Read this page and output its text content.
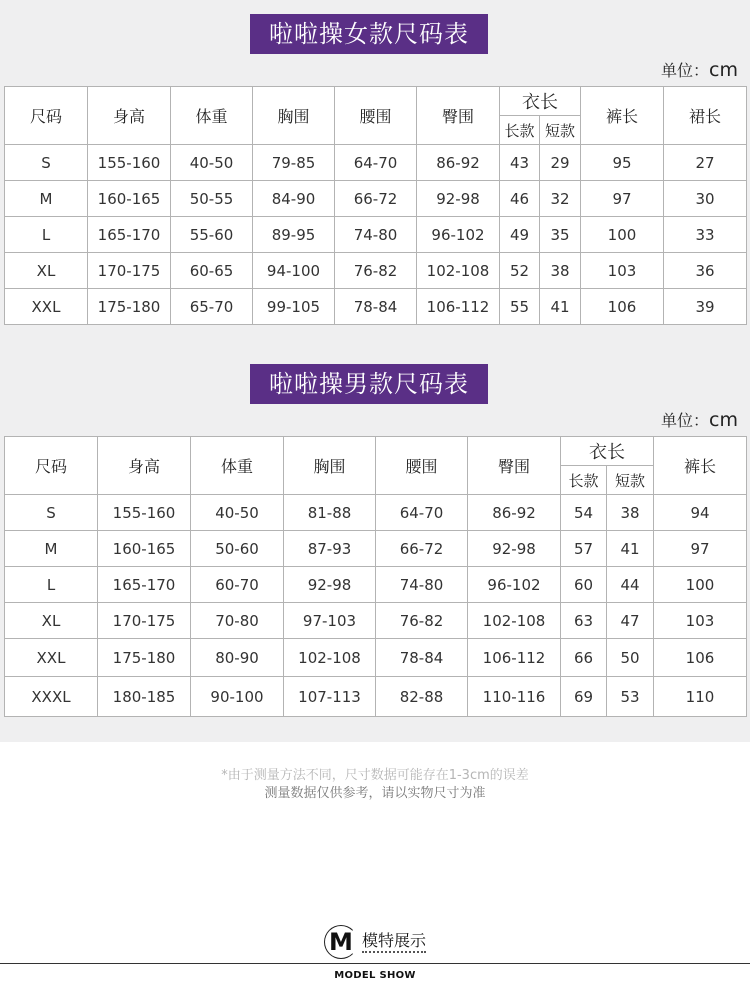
啦啦操女款尺码表
单位：cm
尺码	身高	体重	胸围	腰围	臀围	衣长		裤长	裙长
						长款	短款		
S	155-160	40-50	79-85	64-70	86-92	43	29	95	27
M	160-165	50-55	84-90	66-72	92-98	46	32	97	30
L	165-170	55-60	89-95	74-80	96-102	49	35	100	33
XL	170-175	60-65	94-100	76-82	102-108	52	38	103	36
XXL	175-180	65-70	99-105	78-84	106-112	55	41	106	39
啦啦操男款尺码表
单位：cm
尺码	身高	体重	胸围	腰围	臀围	衣长		裤长
						长款	短款	
S	155-160	40-50	81-88	64-70	86-92	54	38	94
M	160-165	50-60	87-93	66-72	92-98	57	41	97
L	165-170	60-70	92-98	74-80	96-102	60	44	100
XL	170-175	70-80	97-103	76-82	102-108	63	47	103
XXL	175-180	80-90	102-108	78-84	106-112	66	50	106
XXXL	180-185	90-100	107-113	82-88	110-116	69	53	110
*由于测量方法不同，尺寸数据可能存在1-3cm的误差
测量数据仅供参考，请以实物尺寸为准
M 模特展示
MODEL SHOW
